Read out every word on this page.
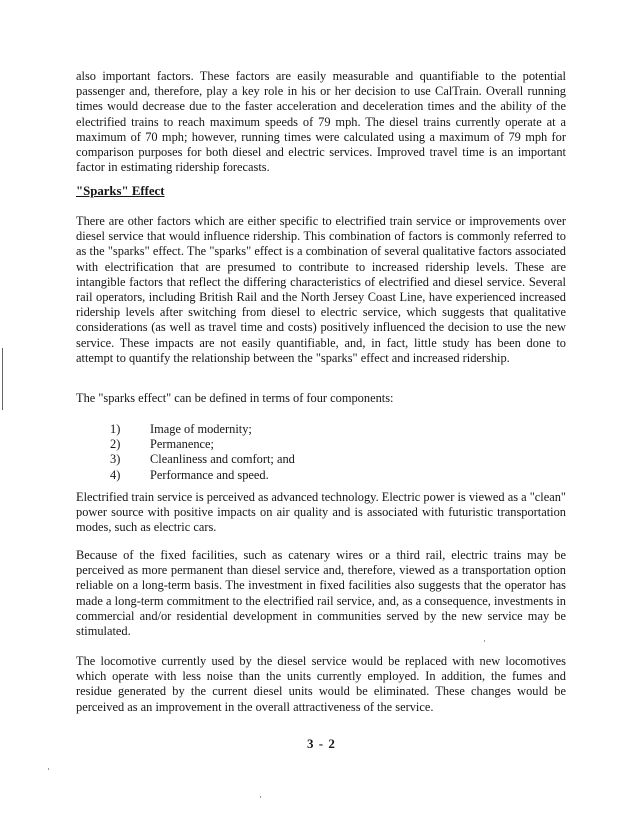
also important factors. These factors are easily measurable and quantifiable to the potential passenger and, therefore, play a key role in his or her decision to use CalTrain. Overall running times would decrease due to the faster acceleration and deceleration times and the ability of the electrified trains to reach maximum speeds of 79 mph. The diesel trains currently operate at a maximum of 70 mph; however, running times were calculated using a maximum of 79 mph for comparison purposes for both diesel and electric services. Improved travel time is an important factor in estimating ridership forecasts.

"Sparks" Effect

There are other factors which are either specific to electrified train service or improvements over diesel service that would influence ridership. This combination of factors is commonly referred to as the "sparks" effect. The "sparks" effect is a combination of several qualitative factors associated with electrification that are presumed to contribute to increased ridership levels. These are intangible factors that reflect the differing characteristics of electrified and diesel service. Several rail operators, including British Rail and the North Jersey Coast Line, have experienced increased ridership levels after switching from diesel to electric service, which suggests that qualitative considerations (as well as travel time and costs) positively influenced the decision to use the new service. These impacts are not easily quantifiable, and, in fact, little study has been done to attempt to quantify the relationship between the "sparks" effect and increased ridership.

The "sparks effect" can be defined in terms of four components:

1)	Image of modernity;
2)	Permanence;
3)	Cleanliness and comfort; and
4)	Performance and speed.

Electrified train service is perceived as advanced technology. Electric power is viewed as a "clean" power source with positive impacts on air quality and is associated with futuristic transportation modes, such as electric cars.

Because of the fixed facilities, such as catenary wires or a third rail, electric trains may be perceived as more permanent than diesel service and, therefore, viewed as a transportation option reliable on a long-term basis. The investment in fixed facilities also suggests that the operator has made a long-term commitment to the electrified rail service, and, as a consequence, investments in commercial and/or residential development in communities served by the new service may be stimulated.

The locomotive currently used by the diesel service would be replaced with new locomotives which operate with less noise than the units currently employed. In addition, the fumes and residue generated by the current diesel units would be eliminated. These changes would be perceived as an improvement in the overall attractiveness of the service.

3 - 2
